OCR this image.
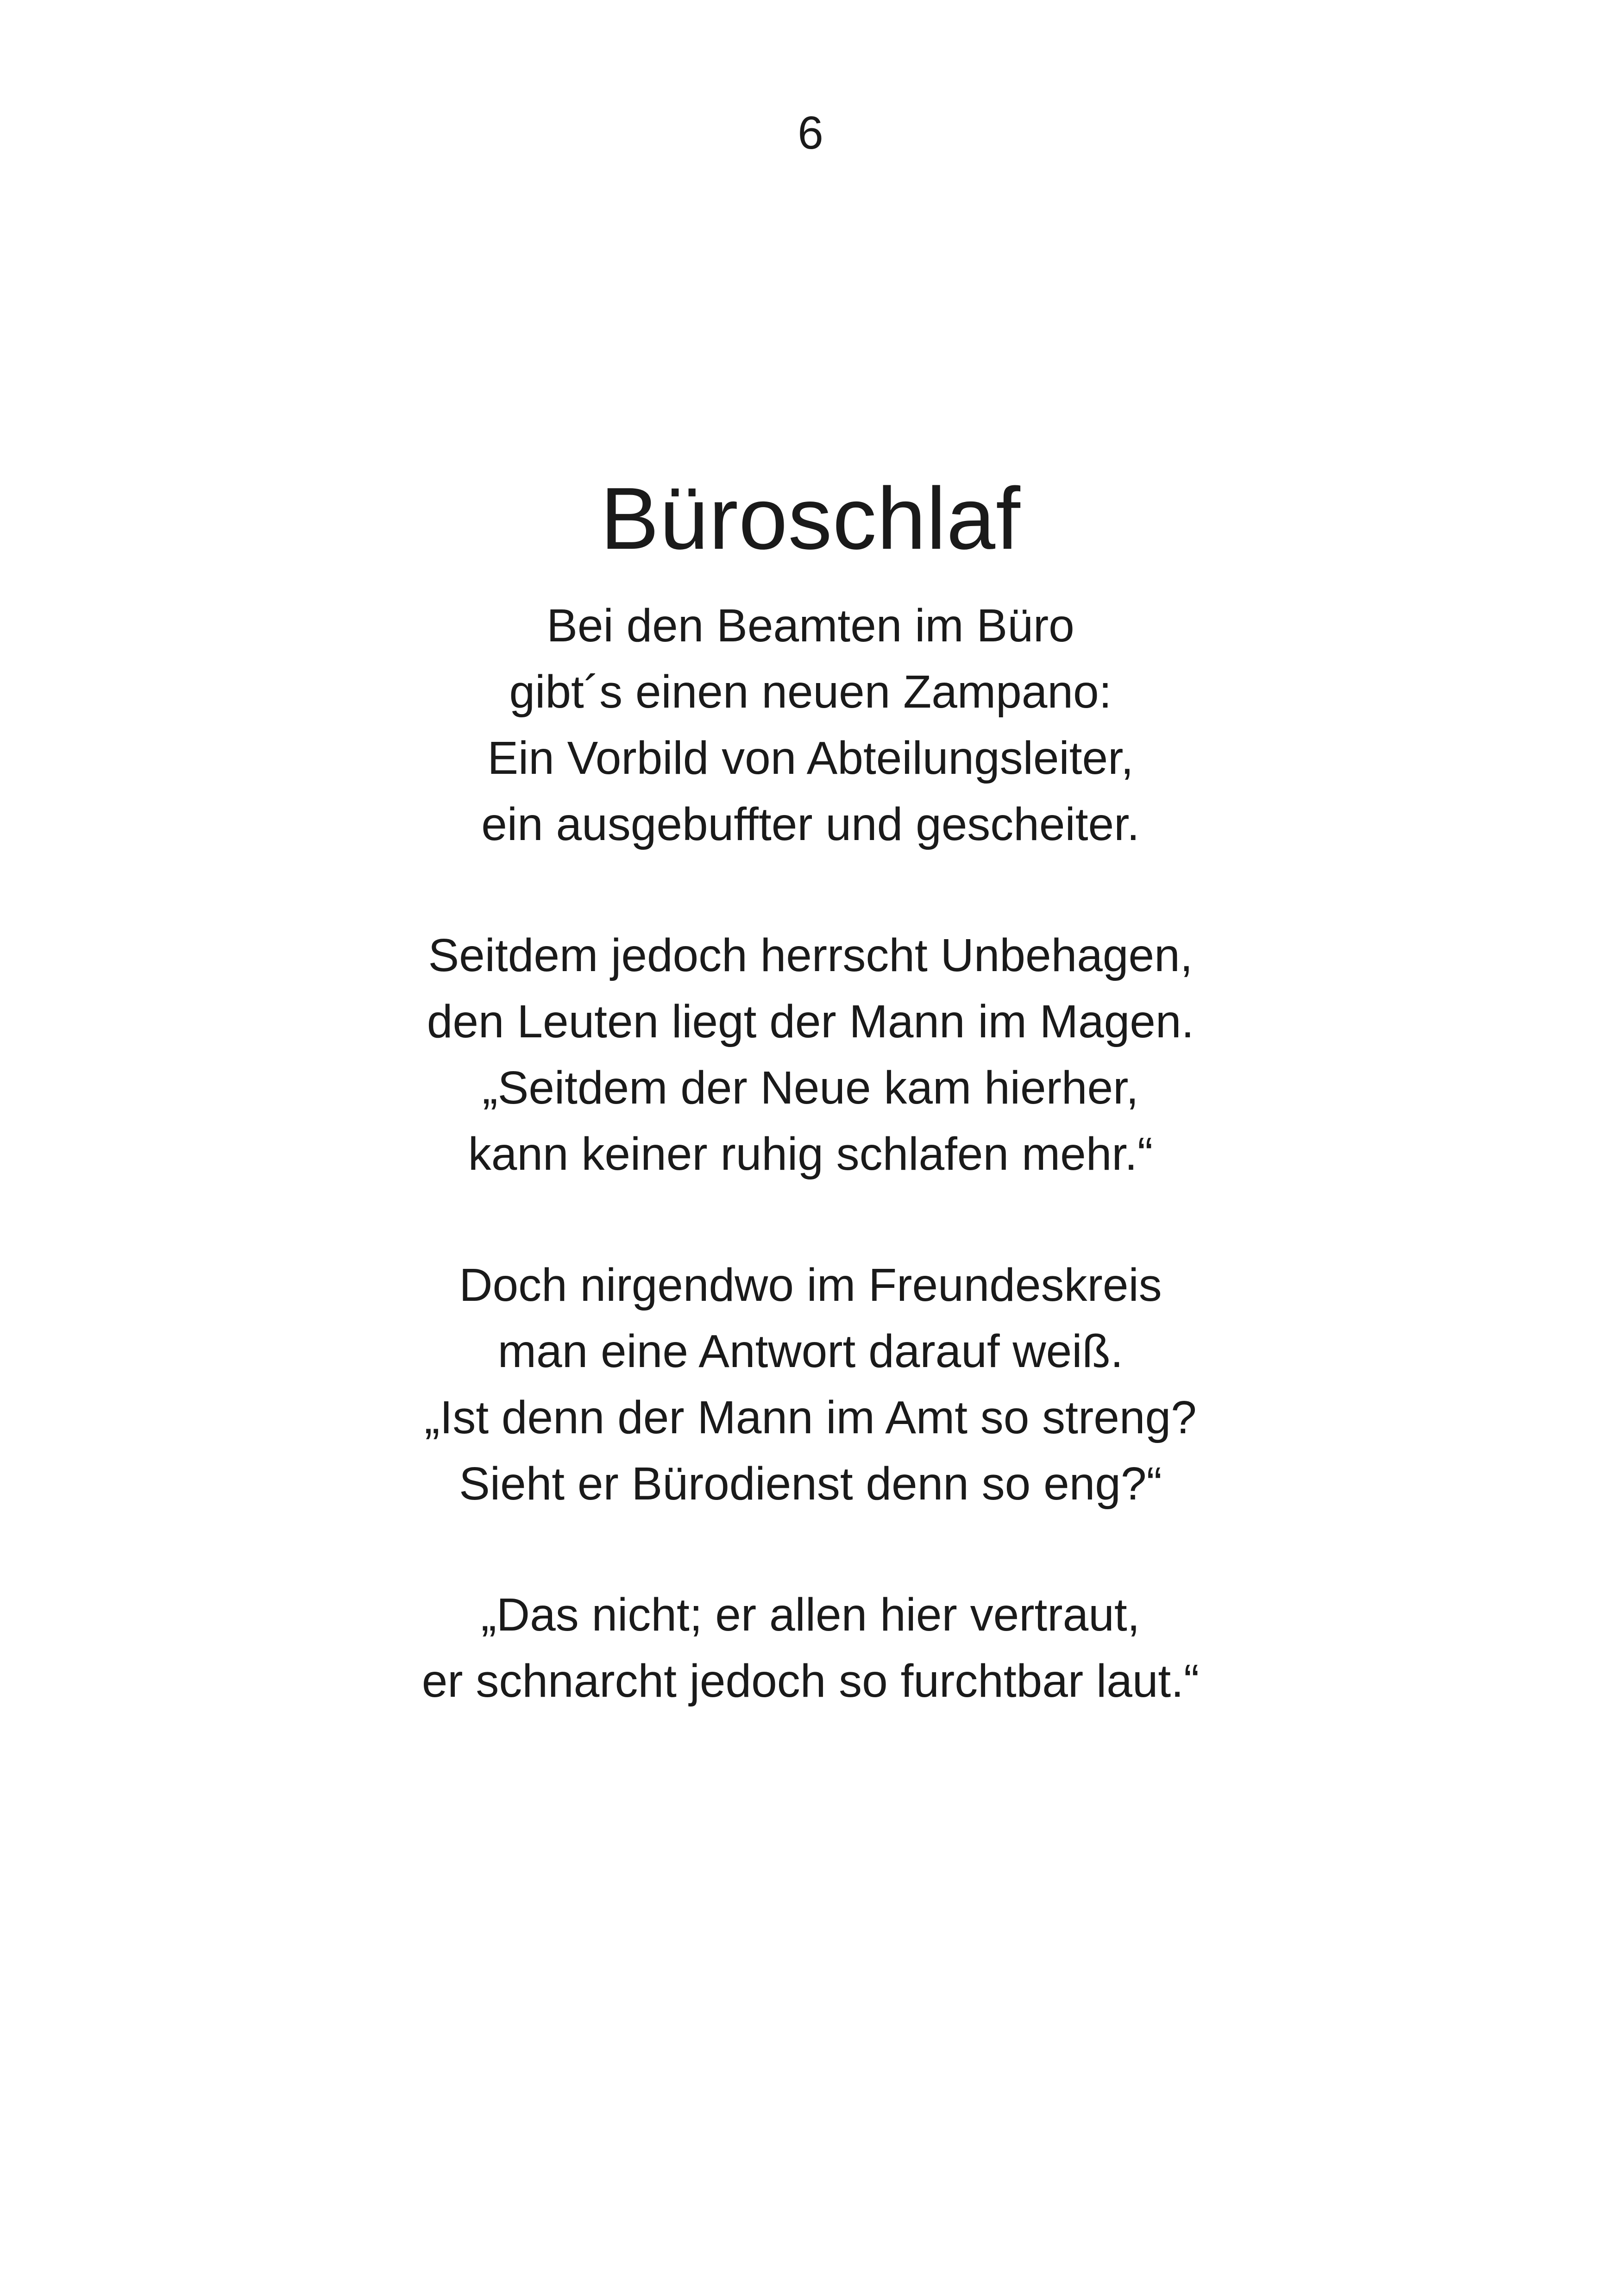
6
Büroschlaf
Bei den Beamten im Büro
gibt´s einen neuen Zampano:
Ein Vorbild von Abteilungsleiter,
ein ausgebuffter und gescheiter.
Seitdem jedoch herrscht Unbehagen,
den Leuten liegt der Mann im Magen.
„Seitdem der Neue kam hierher,
kann keiner ruhig schlafen mehr.“
Doch nirgendwo im Freundeskreis
man eine Antwort darauf weiß.
„Ist denn der Mann im Amt so streng?
Sieht er Bürodienst denn so eng?“
„Das nicht; er allen hier vertraut,
er schnarcht jedoch so furchtbar laut.“
